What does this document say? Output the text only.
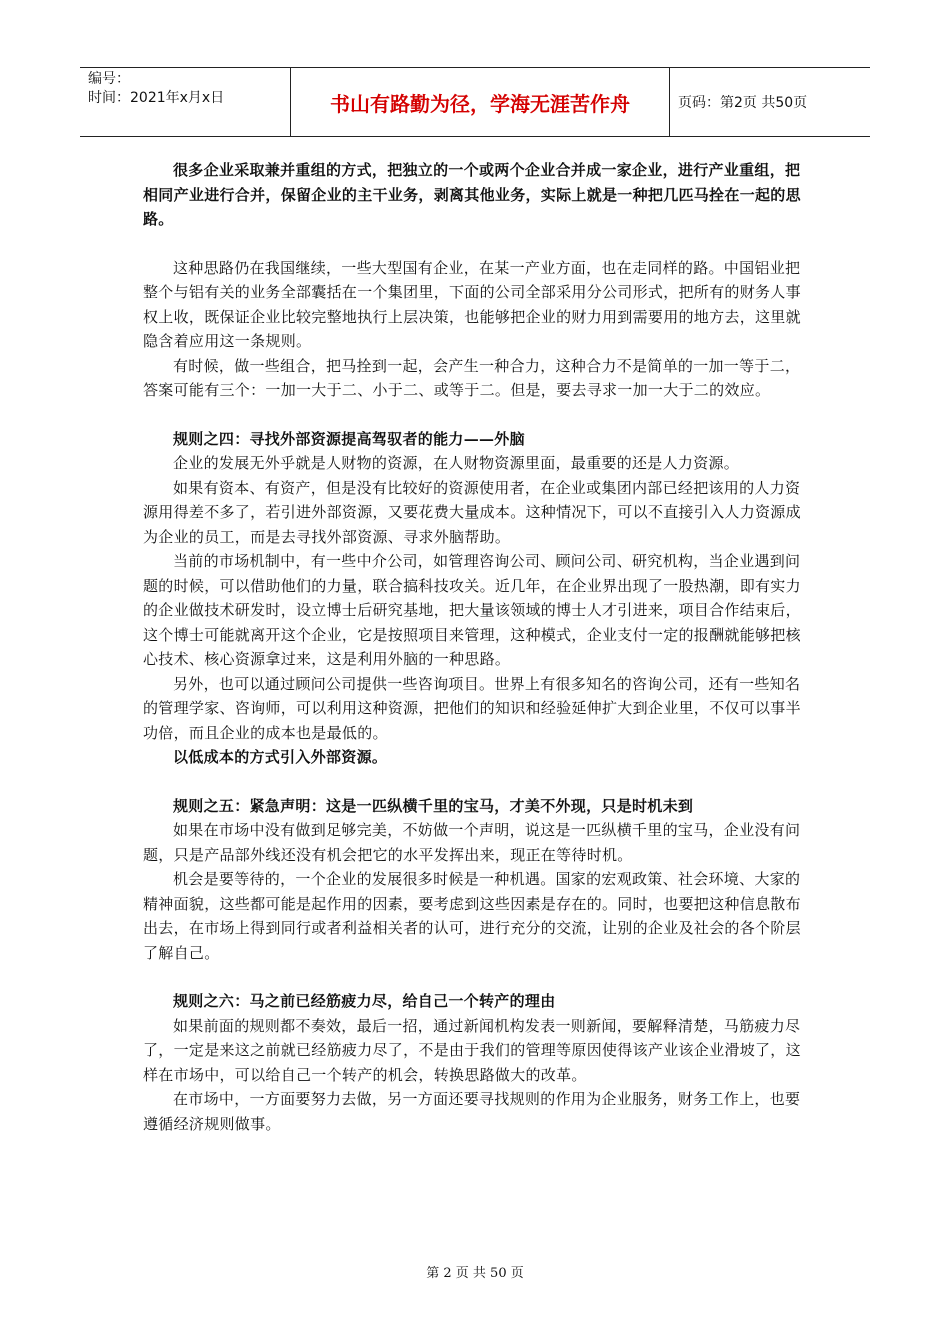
编号：
时间：2021年x月x日	书山有路勤为径，学海无涯苦作舟	页码：第2页 共50页

很多企业采取兼并重组的方式，把独立的一个或两个企业合并成一家企业，进行产业重组，把相同产业进行合并，保留企业的主干业务，剥离其他业务，实际上就是一种把几匹马拴在一起的思路。

这种思路仍在我国继续，一些大型国有企业，在某一产业方面，也在走同样的路。中国铝业把整个与铝有关的业务全部囊括在一个集团里，下面的公司全部采用分公司形式，把所有的财务人事权上收，既保证企业比较完整地执行上层决策，也能够把企业的财力用到需要用的地方去，这里就隐含着应用这一条规则。

有时候，做一些组合，把马拴到一起，会产生一种合力，这种合力不是简单的一加一等于二，答案可能有三个：一加一大于二、小于二、或等于二。但是，要去寻求一加一大于二的效应。

规则之四：寻找外部资源提高驾驭者的能力——外脑

企业的发展无外乎就是人财物的资源，在人财物资源里面，最重要的还是人力资源。

如果有资本、有资产，但是没有比较好的资源使用者，在企业或集团内部已经把该用的人力资源用得差不多了，若引进外部资源，又要花费大量成本。这种情况下，可以不直接引入人力资源成为企业的员工，而是去寻找外部资源、寻求外脑帮助。

当前的市场机制中，有一些中介公司，如管理咨询公司、顾问公司、研究机构，当企业遇到问题的时候，可以借助他们的力量，联合搞科技攻关。近几年，在企业界出现了一股热潮，即有实力的企业做技术研发时，设立博士后研究基地，把大量该领域的博士人才引进来，项目合作结束后，这个博士可能就离开这个企业，它是按照项目来管理，这种模式，企业支付一定的报酬就能够把核心技术、核心资源拿过来，这是利用外脑的一种思路。

另外，也可以通过顾问公司提供一些咨询项目。世界上有很多知名的咨询公司，还有一些知名的管理学家、咨询师，可以利用这种资源，把他们的知识和经验延伸扩大到企业里，不仅可以事半功倍，而且企业的成本也是最低的。

以低成本的方式引入外部资源。

规则之五：紧急声明：这是一匹纵横千里的宝马，才美不外现，只是时机未到

如果在市场中没有做到足够完美，不妨做一个声明，说这是一匹纵横千里的宝马，企业没有问题，只是产品部外线还没有机会把它的水平发挥出来，现正在等待时机。

机会是要等待的，一个企业的发展很多时候是一种机遇。国家的宏观政策、社会环境、大家的精神面貌，这些都可能是起作用的因素，要考虑到这些因素是存在的。同时，也要把这种信息散布出去，在市场上得到同行或者利益相关者的认可，进行充分的交流，让别的企业及社会的各个阶层了解自己。

规则之六：马之前已经筋疲力尽，给自己一个转产的理由

如果前面的规则都不奏效，最后一招，通过新闻机构发表一则新闻，要解释清楚，马筋疲力尽了，一定是来这之前就已经筋疲力尽了，不是由于我们的管理等原因使得该产业该企业滑坡了，这样在市场中，可以给自己一个转产的机会，转换思路做大的改革。

在市场中，一方面要努力去做，另一方面还要寻找规则的作用为企业服务，财务工作上，也要遵循经济规则做事。

第 2 页 共 50 页
